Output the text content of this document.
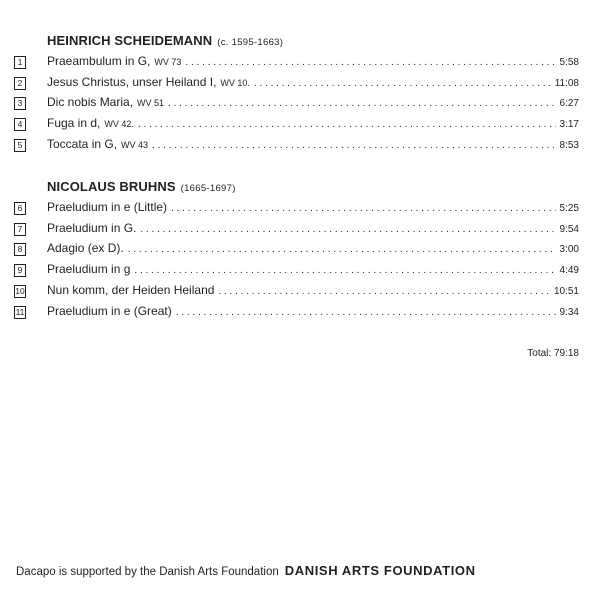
HEINRICH SCHEIDEMANN (c. 1595-1663)
1	Praeambulum in G, WV 73 . . .	5:58
2	Jesus Christus, unser Heiland I, WV 10. . . .	11:08
3	Dic nobis Maria, WV 51 . . .	6:27
4	Fuga in d, WV 42. . . .	3:17
5	Toccata in G, WV 43 . . .	8:53
NICOLAUS BRUHNS (1665-1697)
6	Praeludium in e (Little) . . .	5:25
7	Praeludium in G. . . .	9:54
8	Adagio (ex D). . . .	3:00
9	Praeludium in g . . .	4:49
10 Nun komm, der Heiden Heiland . . .	10:51
11 Praeludium in e (Great) . . .	9:34
Total: 79:18
Dacapo is supported by the Danish Arts Foundation DANISH ARTS FOUNDATION
